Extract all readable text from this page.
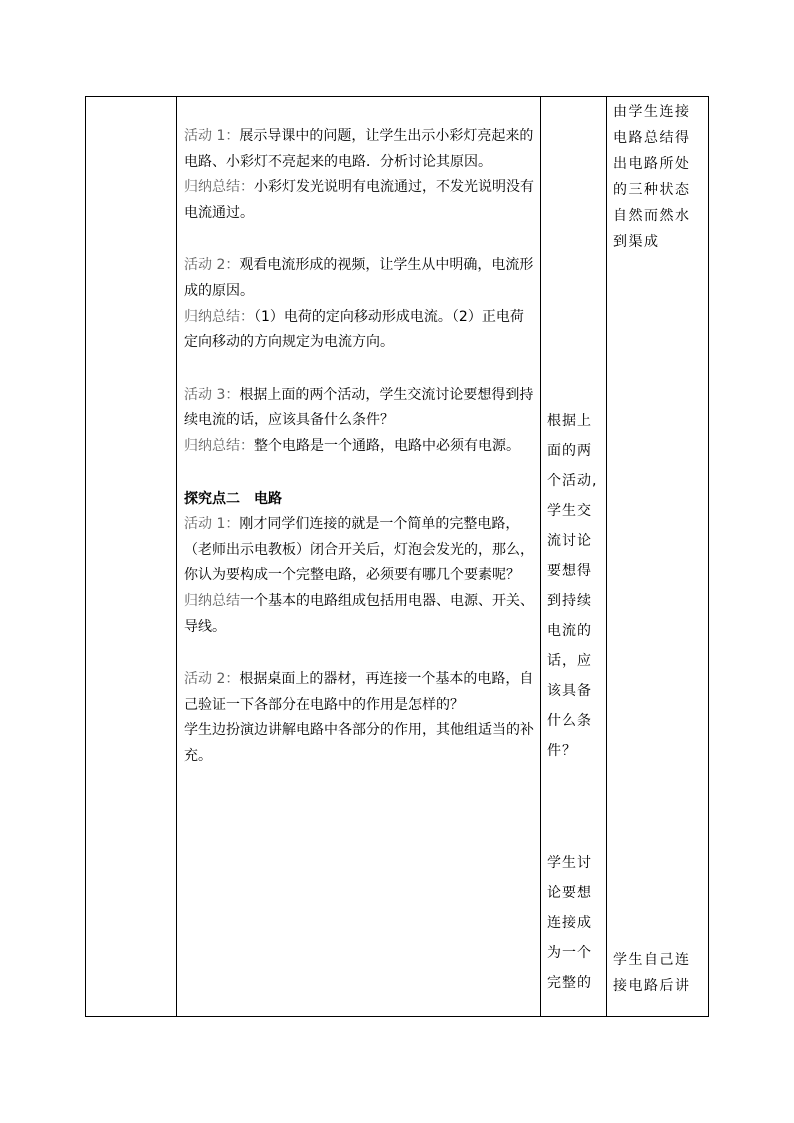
活动 1：展示导课中的问题，让学生出示小彩灯亮起来的电路、小彩灯不亮起来的电路．分析讨论其原因。

归纳总结：小彩灯发光说明有电流通过，不发光说明没有电流通过。

活动 2：观看电流形成的视频，让学生从中明确，电流形成的原因。

归纳总结：（1）电荷的定向移动形成电流。（2）正电荷定向移动的方向规定为电流方向。

活动 3：根据上面的两个活动，学生交流讨论要想得到持续电流的话，应该具备什么条件？

归纳总结：整个电路是一个通路，电路中必须有电源。

探究点二　电路

活动 1：刚才同学们连接的就是一个简单的完整电路，（老师出示电教板）闭合开关后，灯泡会发光的，那么，你认为要构成一个完整电路，必须要有哪几个要素呢？

归纳总结一个基本的电路组成包括用电器、电源、开关、导线。

活动 2：根据桌面上的器材，再连接一个基本的电路，自己验证一下各部分在电路中的作用是怎样的？

学生边扮演边讲解电路中各部分的作用，其他组适当的补充。

根据上
面的两
个活动,
学生交
流讨论
要想得
到持续
电流的
话，应
该具备
什么条
件？
学生讨
论要想
连接成
为一个
完整的
由学生连接
电路总结得
出电路所处
的三种状态
自然而然水
到渠成
学生自己连
接电路后讲
